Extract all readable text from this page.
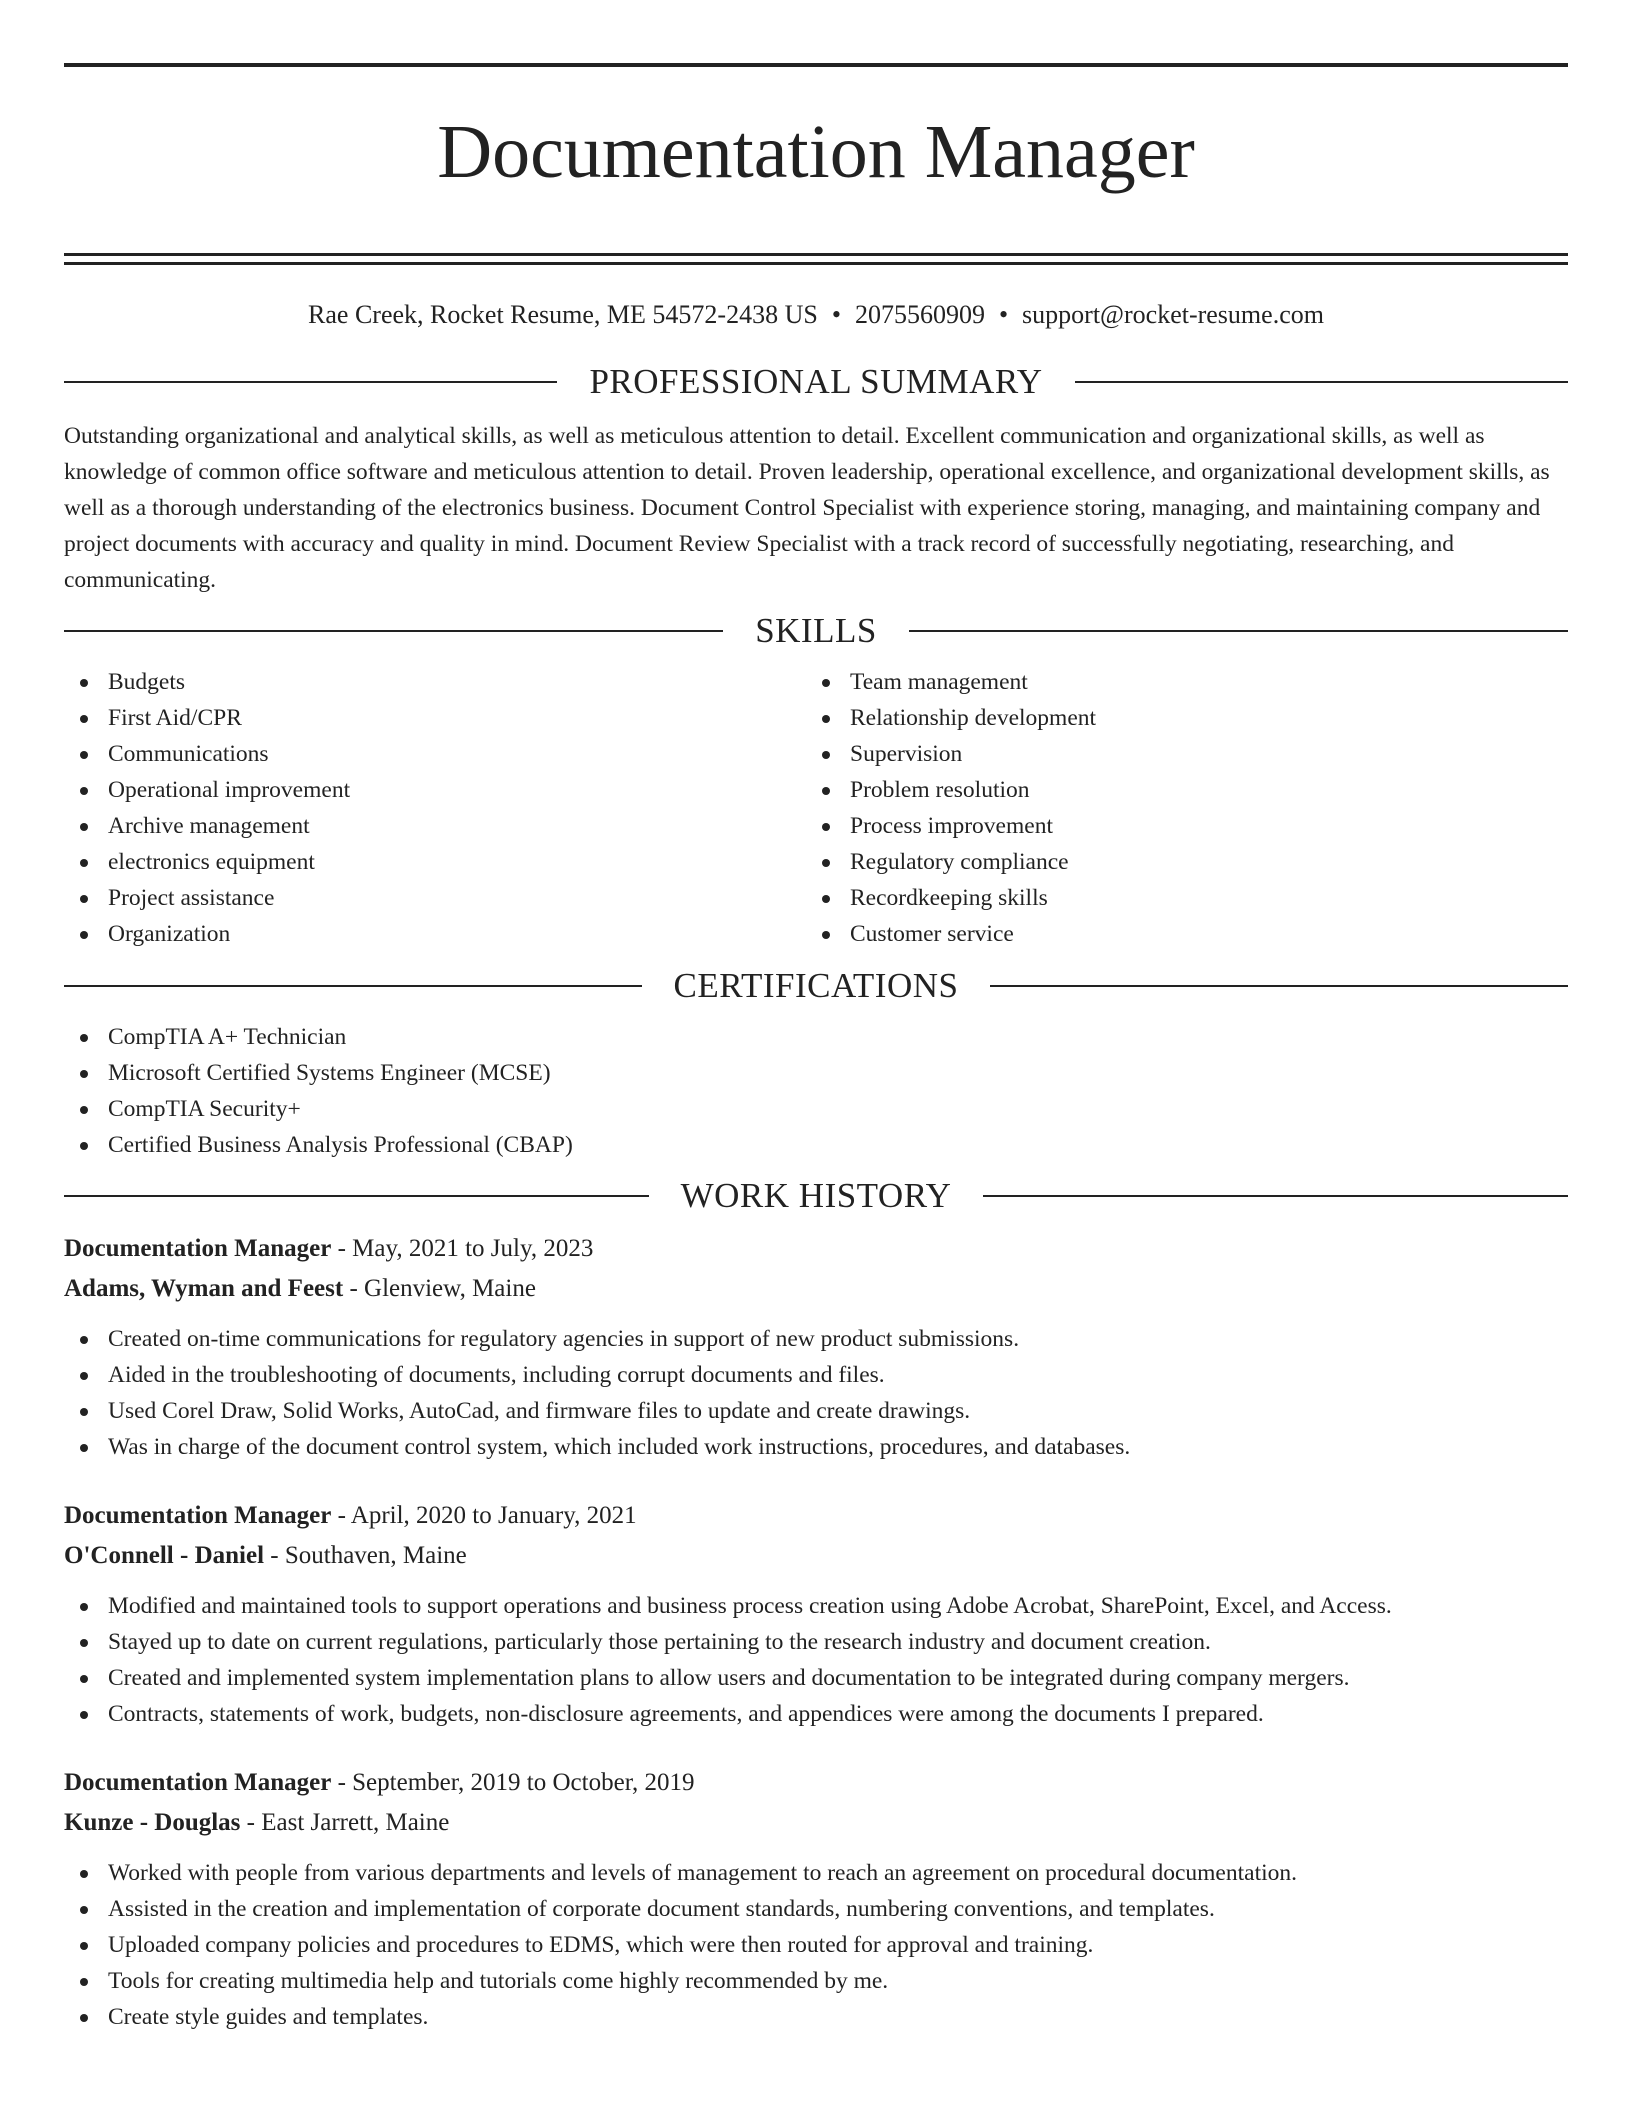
Documentation Manager
Rae Creek, Rocket Resume, ME 54572-2438 US • 2075560909 • support@rocket-resume.com
PROFESSIONAL SUMMARY

Outstanding organizational and analytical skills, as well as meticulous attention to detail. Excellent communication and organizational skills, as well as knowledge of common office software and meticulous attention to detail. Proven leadership, operational excellence, and organizational development skills, as well as a thorough understanding of the electronics business. Document Control Specialist with experience storing, managing, and maintaining company and project documents with accuracy and quality in mind. Document Review Specialist with a track record of successfully negotiating, researching, and communicating.

SKILLS
Budgets
First Aid/CPR
Communications
Operational improvement
Archive management
electronics equipment
Project assistance
Organization
Team management
Relationship development
Supervision
Problem resolution
Process improvement
Regulatory compliance
Recordkeeping skills
Customer service
CERTIFICATIONS
CompTIA A+ Technician
Microsoft Certified Systems Engineer (MCSE)
CompTIA Security+
Certified Business Analysis Professional (CBAP)
WORK HISTORY
Documentation Manager - May, 2021 to July, 2023
Adams, Wyman and Feest - Glenview, Maine
Created on-time communications for regulatory agencies in support of new product submissions.
Aided in the troubleshooting of documents, including corrupt documents and files.
Used Corel Draw, Solid Works, AutoCad, and firmware files to update and create drawings.
Was in charge of the document control system, which included work instructions, procedures, and databases.
Documentation Manager - April, 2020 to January, 2021
O'Connell - Daniel - Southaven, Maine
Modified and maintained tools to support operations and business process creation using Adobe Acrobat, SharePoint, Excel, and Access.
Stayed up to date on current regulations, particularly those pertaining to the research industry and document creation.
Created and implemented system implementation plans to allow users and documentation to be integrated during company mergers.
Contracts, statements of work, budgets, non-disclosure agreements, and appendices were among the documents I prepared.
Documentation Manager - September, 2019 to October, 2019
Kunze - Douglas - East Jarrett, Maine
Worked with people from various departments and levels of management to reach an agreement on procedural documentation.
Assisted in the creation and implementation of corporate document standards, numbering conventions, and templates.
Uploaded company policies and procedures to EDMS, which were then routed for approval and training.
Tools for creating multimedia help and tutorials come highly recommended by me.
Create style guides and templates.
